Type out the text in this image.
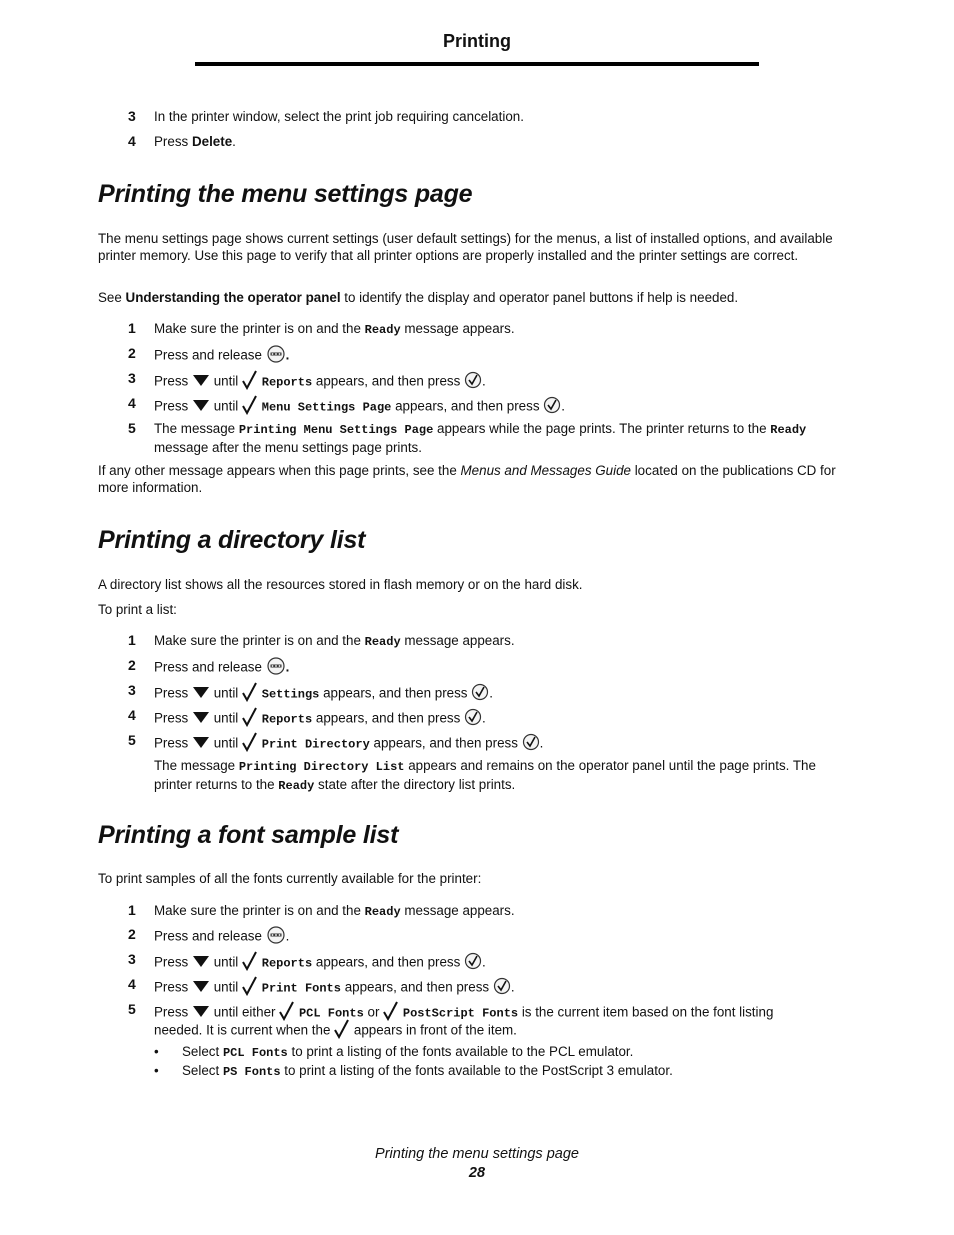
Printing
3 In the printer window, select the print job requiring cancelation.
4 Press Delete.
Printing the menu settings page

The menu settings page shows current settings (user default settings) for the menus, a list of installed options, and available printer memory. Use this page to verify that all printer options are properly installed and the printer settings are correct.

See Understanding the operator panel to identify the display and operator panel buttons if help is needed.

1 Make sure the printer is on and the Ready message appears.
2 Press and release .
3 Press until Reports appears, and then press .
4 Press until Menu Settings Page appears, and then press .
5 The message Printing Menu Settings Page appears while the page prints. The printer returns to the Ready message after the menu settings page prints.

If any other message appears when this page prints, see the Menus and Messages Guide located on the publications CD for more information.

Printing a directory list

A directory list shows all the resources stored in flash memory or on the hard disk.

To print a list:

1 Make sure the printer is on and the Ready message appears.
2 Press and release .
3 Press until Settings appears, and then press .
4 Press until Reports appears, and then press .
5 Press until Print Directory appears, and then press .
The message Printing Directory List appears and remains on the operator panel until the page prints. The printer returns to the Ready state after the directory list prints.
Printing a font sample list

To print samples of all the fonts currently available for the printer:

1 Make sure the printer is on and the Ready message appears.
2 Press and release .
3 Press until Reports appears, and then press .
4 Press until Print Fonts appears, and then press .
5 Press until either PCL Fonts or  PostScript Fonts is the current item based on the font listing
needed. It is current when the  appears in front of the item.
• Select PCL Fonts to print a listing of the fonts available to the PCL emulator.
• Select PS Fonts to print a listing of the fonts available to the PostScript 3 emulator.
Printing the menu settings page
28
